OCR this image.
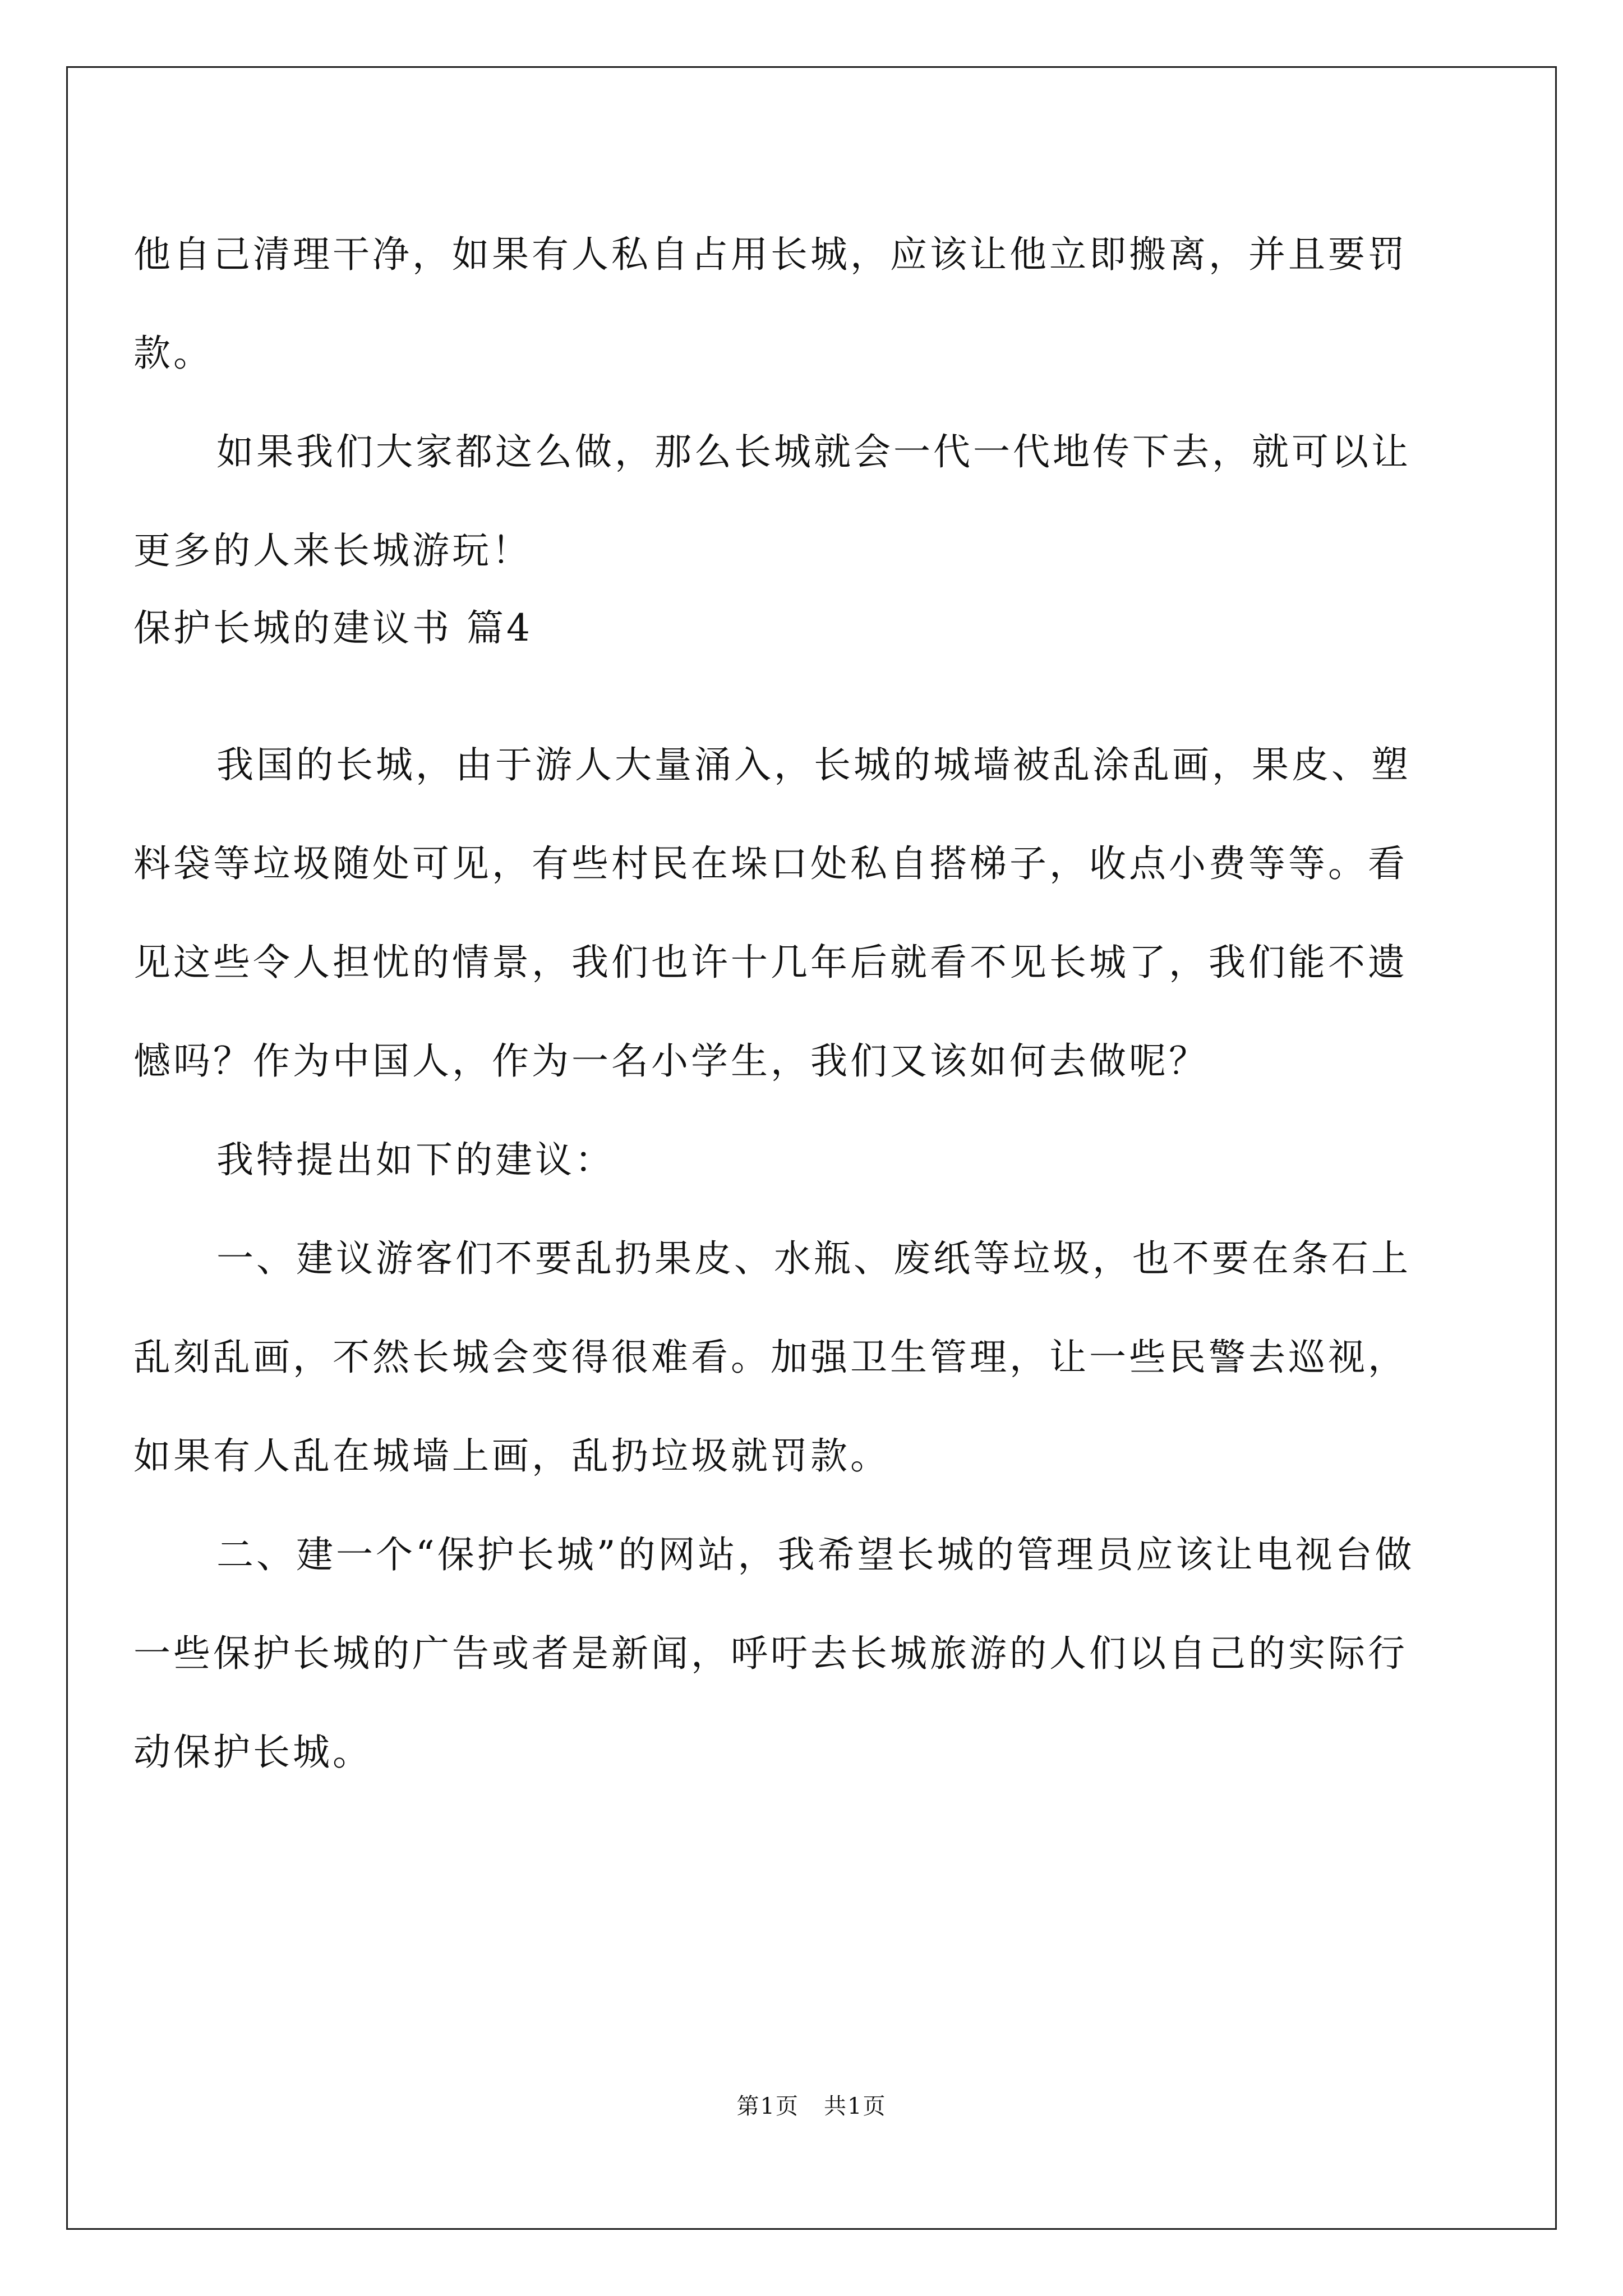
他自己清理干净，如果有人私自占用长城，应该让他立即搬离，并且要罚款。

如果我们大家都这么做，那么长城就会一代一代地传下去，就可以让更多的人来长城游玩！

保护长城的建议书 篇4

我国的长城，由于游人大量涌入，长城的城墙被乱涂乱画，果皮、塑料袋等垃圾随处可见，有些村民在垛口处私自搭梯子，收点小费等等。看见这些令人担忧的情景，我们也许十几年后就看不见长城了，我们能不遗憾吗？作为中国人，作为一名小学生，我们又该如何去做呢？

我特提出如下的建议：

一、建议游客们不要乱扔果皮、水瓶、废纸等垃圾，也不要在条石上乱刻乱画，不然长城会变得很难看。加强卫生管理，让一些民警去巡视，如果有人乱在城墙上画，乱扔垃圾就罚款。

二、建一个“保护长城”的网站，我希望长城的管理员应该让电视台做一些保护长城的广告或者是新闻，呼吁去长城旅游的人们以自己的实际行动保护长城。

第1页 共1页
